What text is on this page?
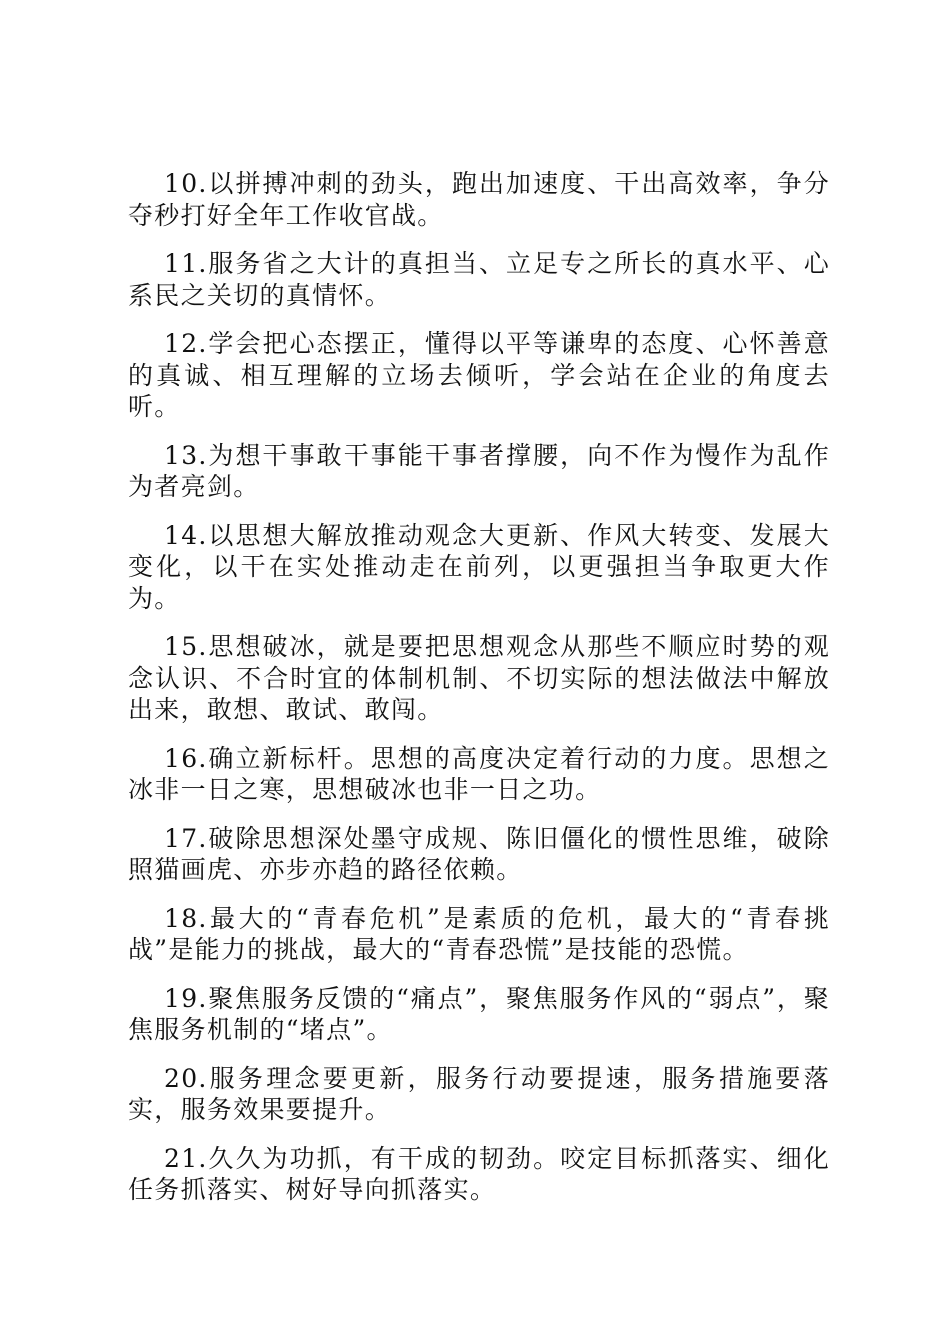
10.以拼搏冲刺的劲头，跑出加速度、干出高效率，争分夺秒打好全年工作收官战。

11.服务省之大计的真担当、立足专之所长的真水平、心系民之关切的真情怀。

12.学会把心态摆正，懂得以平等谦卑的态度、心怀善意的真诚、相互理解的立场去倾听，学会站在企业的角度去听。

13.为想干事敢干事能干事者撑腰，向不作为慢作为乱作为者亮剑。

14.以思想大解放推动观念大更新、作风大转变、发展大变化，以干在实处推动走在前列，以更强担当争取更大作为。

15.思想破冰，就是要把思想观念从那些不顺应时势的观念认识、不合时宜的体制机制、不切实际的想法做法中解放出来，敢想、敢试、敢闯。

16.确立新标杆。思想的高度决定着行动的力度。思想之冰非一日之寒，思想破冰也非一日之功。

17.破除思想深处墨守成规、陈旧僵化的惯性思维，破除照猫画虎、亦步亦趋的路径依赖。

18.最大的“青春危机”是素质的危机，最大的“青春挑战”是能力的挑战，最大的“青春恐慌”是技能的恐慌。

19.聚焦服务反馈的“痛点”，聚焦服务作风的“弱点”，聚焦服务机制的“堵点”。

20.服务理念要更新，服务行动要提速，服务措施要落实，服务效果要提升。

21.久久为功抓，有干成的韧劲。咬定目标抓落实、细化任务抓落实、树好导向抓落实。
